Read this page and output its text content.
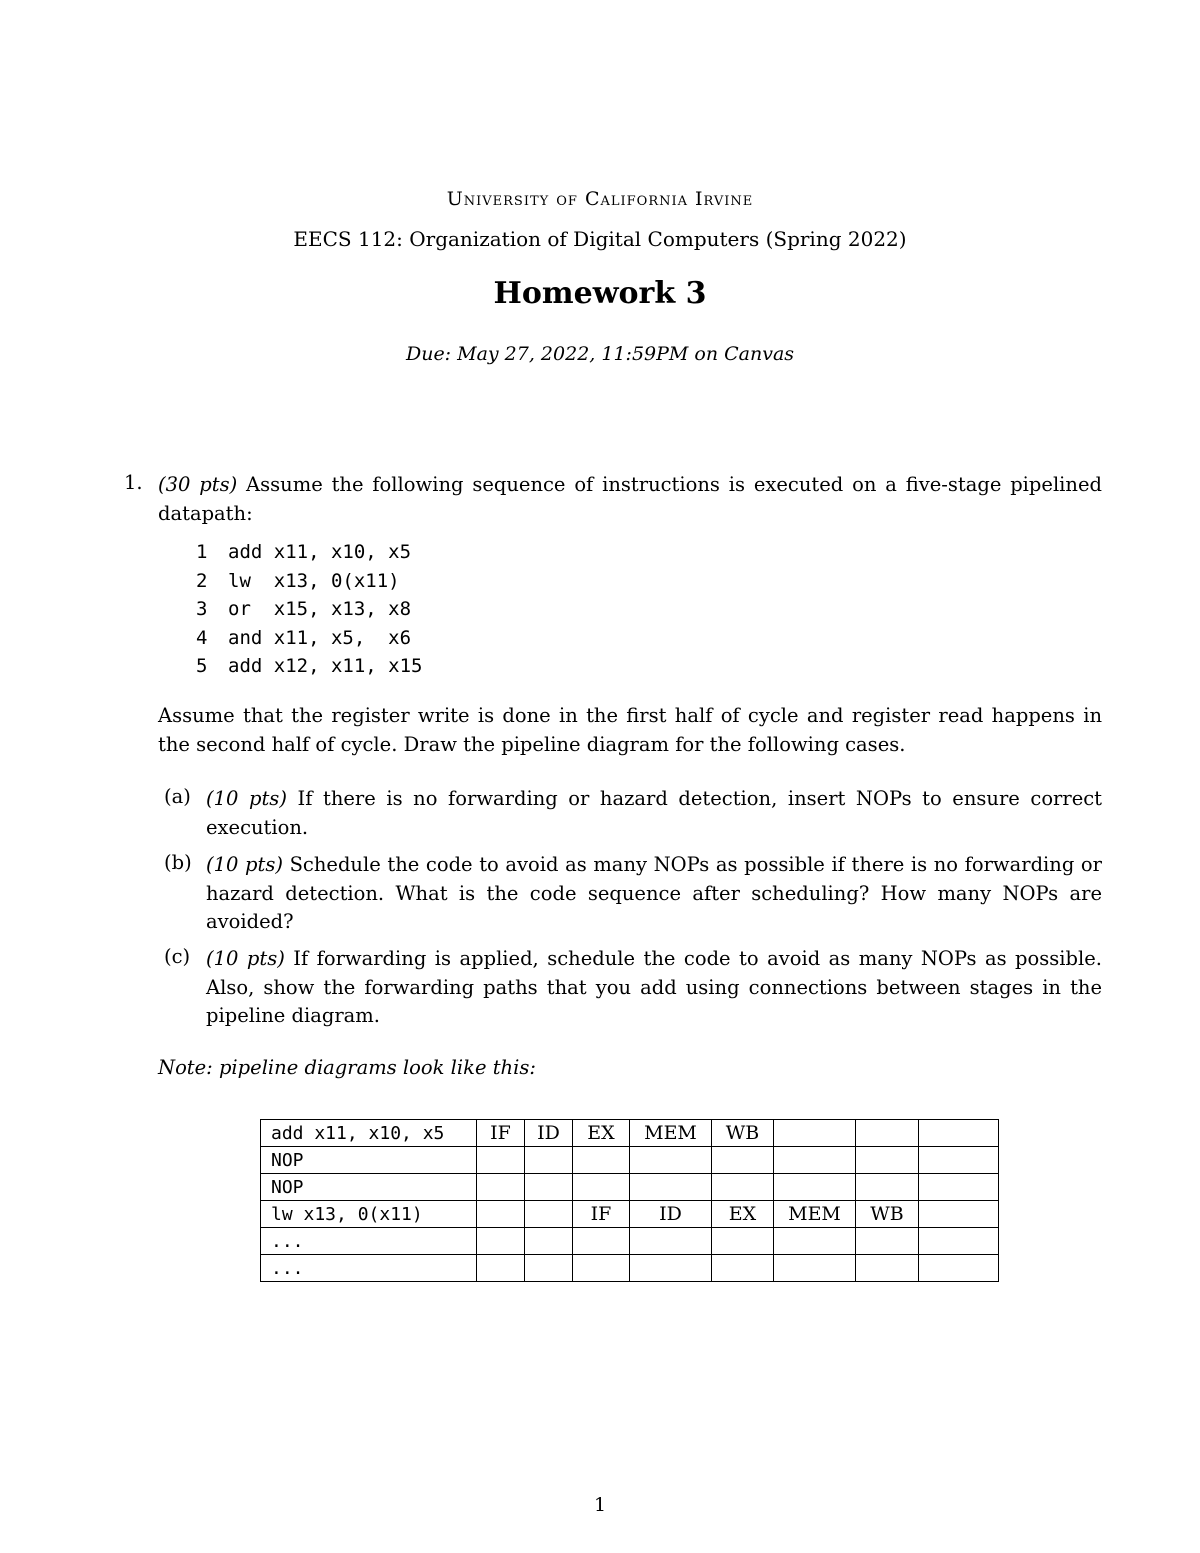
University of California Irvine
EECS 112: Organization of Digital Computers (Spring 2022)
Homework 3
Due: May 27, 2022, 11:59PM on Canvas
1. (30 pts) Assume the following sequence of instructions is executed on a five-stage pipelined datapath:
1 add x11, x10, x5
2 lw  x13, 0(x11)
3 or  x15, x13, x8
4 and x11, x5,  x6
5 add x12, x11, x15
Assume that the register write is done in the first half of cycle and register read happens in the second half of cycle. Draw the pipeline diagram for the following cases.
(a) (10 pts) If there is no forwarding or hazard detection, insert NOPs to ensure correct execution.
(b) (10 pts) Schedule the code to avoid as many NOPs as possible if there is no forwarding or hazard detection. What is the code sequence after scheduling? How many NOPs are avoided?
(c) (10 pts) If forwarding is applied, schedule the code to avoid as many NOPs as possible. Also, show the forwarding paths that you add using connections between stages in the pipeline diagram.
Note: pipeline diagrams look like this:
add x11, x10, x5	IF	ID	EX	MEM	WB			
NOP								
NOP								
lw x13, 0(x11)			IF	ID	EX	MEM	WB	
...								
...								
1
